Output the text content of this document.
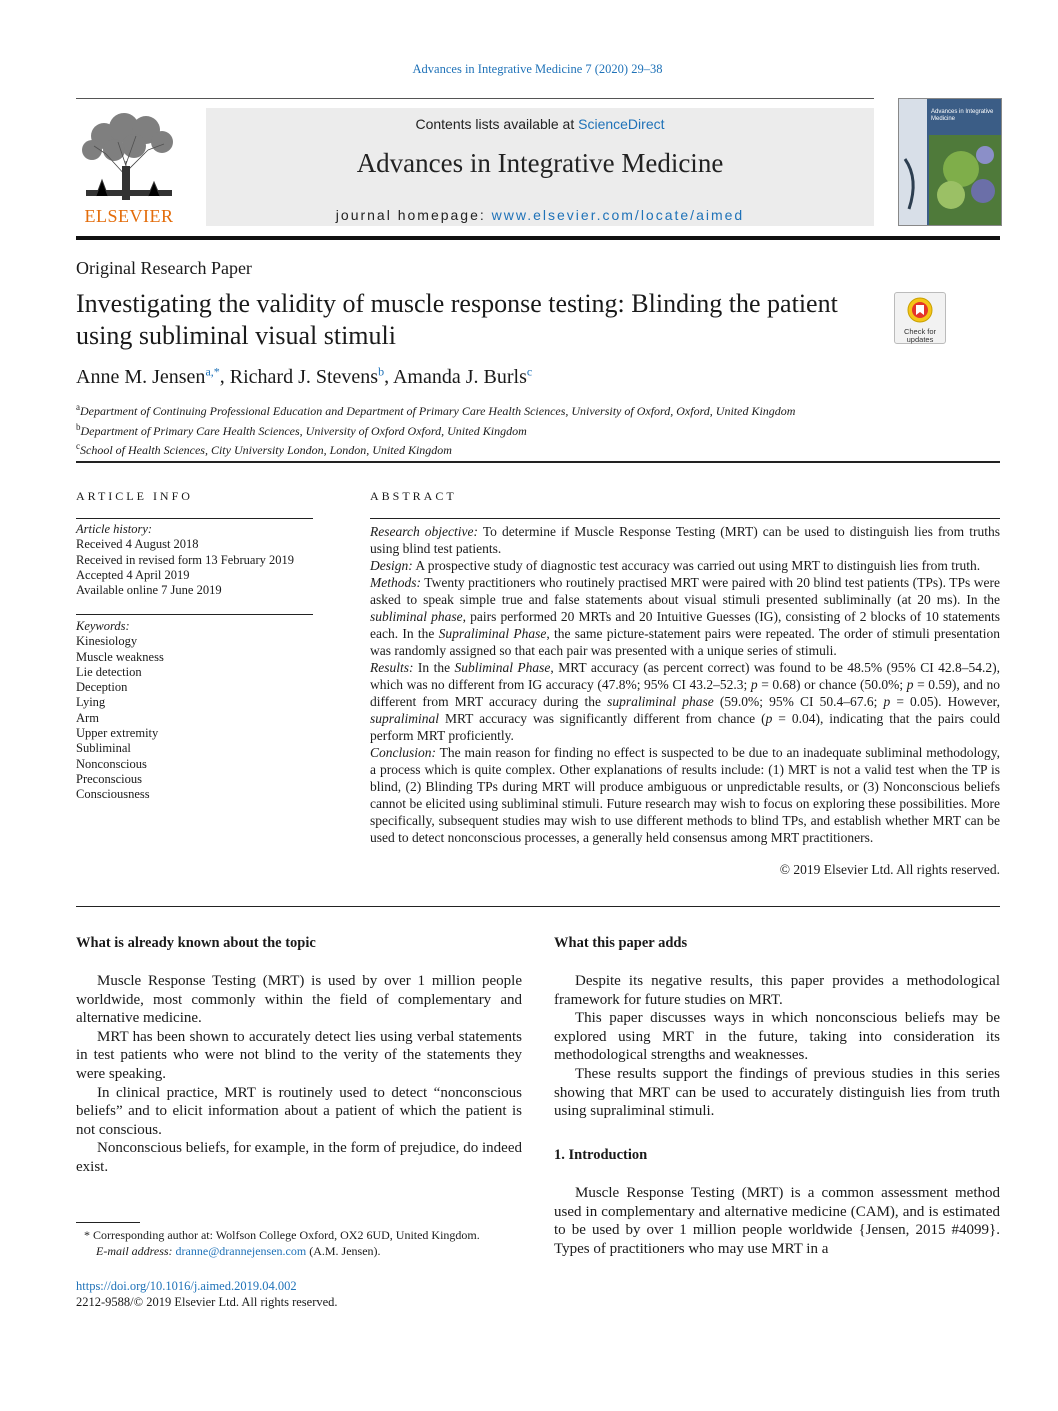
Advances in Integrative Medicine 7 (2020) 29–38
ELSEVIER
Contents lists available at ScienceDirect
Advances in Integrative Medicine
journal homepage: www.elsevier.com/locate/aimed
Advances in Integrative Medicine
Original Research Paper
Investigating the validity of muscle response testing: Blinding the patient using subliminal visual stimuli	Check for updates
Anne M. Jensen$^{a,*}$, Richard J. Stevens$^b$, Amanda J. Burls$^c$
$^a$Department of Continuing Professional Education and Department of Primary Care Health Sciences, University of Oxford, Oxford, United Kingdom
$^b$Department of Primary Care Health Sciences, University of Oxford Oxford, United Kingdom
$^c$School of Health Sciences, City University London, London, United Kingdom
ARTICLE INFO	ABSTRACT
Article history:
Received 4 August 2018
Received in revised form 13 February 2019
Accepted 4 April 2019
Available online 7 June 2019
Keywords:
Kinesiology
Muscle weakness
Lie detection
Deception
Lying
Arm
Upper extremity
Subliminal
Nonconscious
Preconscious
Consciousness

Research objective: To determine if Muscle Response Testing (MRT) can be used to distinguish lies from truths using blind test patients.

Design: A prospective study of diagnostic test accuracy was carried out using MRT to distinguish lies from truth.

Methods: Twenty practitioners who routinely practised MRT were paired with 20 blind test patients (TPs). TPs were asked to speak simple true and false statements about visual stimuli presented subliminally (at 20 ms). In the subliminal phase, pairs performed 20 MRTs and 20 Intuitive Guesses (IG), consisting of 2 blocks of 10 statements each. In the Supraliminal Phase, the same picture-statement pairs were repeated. The order of stimuli presentation was randomly assigned so that each pair was presented with a unique series of stimuli.

Results: In the Subliminal Phase, MRT accuracy (as percent correct) was found to be 48.5% (95% CI 42.8–54.2), which was no different from IG accuracy (47.8%; 95% CI 43.2–52.3; p = 0.68) or chance (50.0%; p = 0.59), and no different from MRT accuracy during the supraliminal phase (59.0%; 95% CI 50.4–67.6; p = 0.05). However, supraliminal MRT accuracy was significantly different from chance (p = 0.04), indicating that the pairs could perform MRT proficiently.

Conclusion: The main reason for finding no effect is suspected to be due to an inadequate subliminal methodology, a process which is quite complex. Other explanations of results include: (1) MRT is not a valid test when the TP is blind, (2) Blinding TPs during MRT will produce ambiguous or unpredictable results, or (3) Nonconscious beliefs cannot be elicited using subliminal stimuli. Future research may wish to focus on exploring these possibilities. More specifically, subsequent studies may wish to use different methods to blind TPs, and establish whether MRT can be used to detect nonconscious processes, a generally held consensus among MRT practitioners.

© 2019 Elsevier Ltd. All rights reserved.
What is already known about the topic

Muscle Response Testing (MRT) is used by over 1 million people worldwide, most commonly within the field of complementary and alternative medicine.

MRT has been shown to accurately detect lies using verbal statements in test patients who were not blind to the verity of the statements they were speaking.

In clinical practice, MRT is routinely used to detect “nonconscious beliefs” and to elicit information about a patient of which the patient is not conscious.

Nonconscious beliefs, for example, in the form of prejudice, do indeed exist.

What this paper adds

Despite its negative results, this paper provides a methodological framework for future studies on MRT.

This paper discusses ways in which nonconscious beliefs may be explored using MRT in the future, taking into consideration its methodological strengths and weaknesses.

These results support the findings of previous studies in this series showing that MRT can be used to accurately distinguish lies from truth using supraliminal stimuli.

1. Introduction

Muscle Response Testing (MRT) is a common assessment method used in complementary and alternative medicine (CAM), and is estimated to be used by over 1 million people worldwide {Jensen, 2015 #4099}. Types of practitioners who may use MRT in a

* Corresponding author at: Wolfson College Oxford, OX2 6UD, United Kingdom.
E-mail address: dranne@drannejensen.com (A.M. Jensen).
https://doi.org/10.1016/j.aimed.2019.04.002
2212-9588/© 2019 Elsevier Ltd. All rights reserved.
